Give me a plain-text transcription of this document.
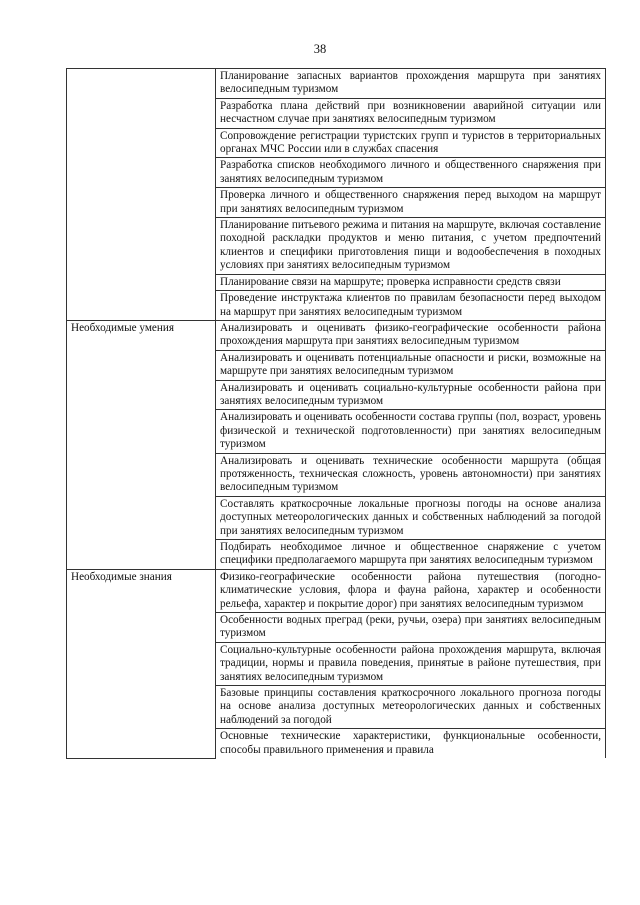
38
	Планирование запасных вариантов прохождения маршрута при занятиях велосипедным туризмом
	Разработка плана действий при возникновении аварийной ситуации или несчастном случае при занятиях велосипедным туризмом
	Сопровождение регистрации туристских групп и туристов в территориальных органах МЧС России или в службах спасения
	Разработка списков необходимого личного и общественного снаряжения при занятиях велосипедным туризмом
	Проверка личного и общественного снаряжения перед выходом на маршрут при занятиях велосипедным туризмом
	Планирование питьевого режима и питания на маршруте, включая составление походной раскладки продуктов и меню питания, с учетом предпочтений клиентов и специфики приготовления пищи и водообеспечения в походных условиях при занятиях велосипедным туризмом
	Планирование связи на маршруте; проверка исправности средств связи
	Проведение инструктажа клиентов по правилам безопасности перед выходом на маршрут при занятиях велосипедным туризмом
Необходимые умения	Анализировать и оценивать физико-географические особенности района прохождения маршрута при занятиях велосипедным туризмом
	Анализировать и оценивать потенциальные опасности и риски, возможные на маршруте при занятиях велосипедным туризмом
	Анализировать и оценивать социально-культурные особенности района при занятиях велосипедным туризмом
	Анализировать и оценивать особенности состава группы (пол, возраст, уровень физической и технической подготовленности) при занятиях велосипедным туризмом
	Анализировать и оценивать технические особенности маршрута (общая протяженность, техническая сложность, уровень автономности) при занятиях велосипедным туризмом
	Составлять краткосрочные локальные прогнозы погоды на основе анализа доступных метеорологических данных и собственных наблюдений за погодой при занятиях велосипедным туризмом
	Подбирать необходимое личное и общественное снаряжение с учетом специфики предполагаемого маршрута при занятиях велосипедным туризмом
Необходимые знания	Физико-географические особенности района путешествия (погодно-климатические условия, флора и фауна района, характер и особенности рельефа, характер и покрытие дорог) при занятиях велосипедным туризмом
	Особенности водных преград (реки, ручьи, озера) при занятиях велосипедным туризмом
	Социально-культурные особенности района прохождения маршрута, включая традиции, нормы и правила поведения, принятые в районе путешествия, при занятиях велосипедным туризмом
	Базовые принципы составления краткосрочного локального прогноза погоды на основе анализа доступных метеорологических данных и собственных наблюдений за погодой
	Основные технические характеристики, функциональные особенности, способы правильного применения и правила
